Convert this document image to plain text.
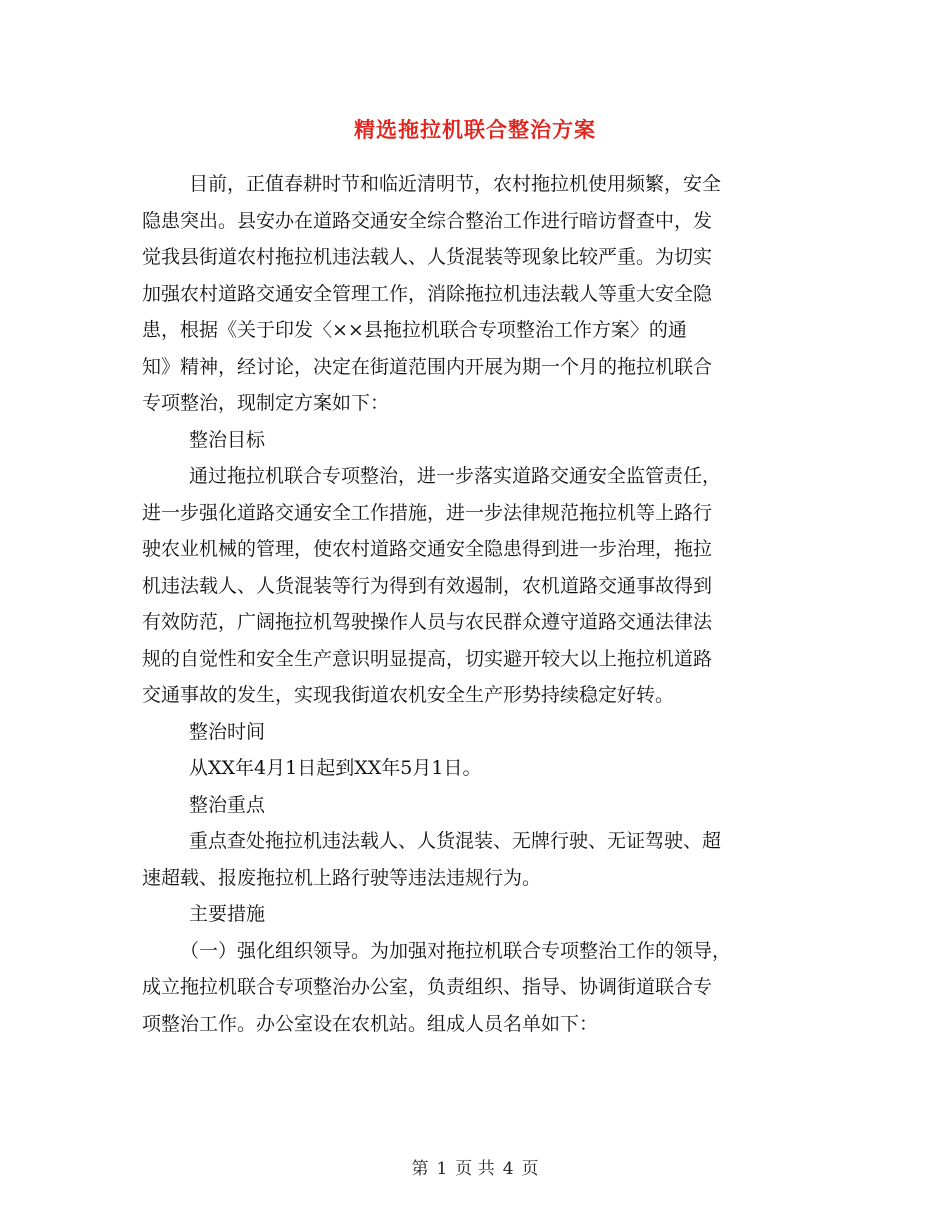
精选拖拉机联合整治方案
目前，正值春耕时节和临近清明节，农村拖拉机使用频繁，安全
隐患突出。县安办在道路交通安全综合整治工作进行暗访督查中，发
觉我县街道农村拖拉机违法载人、人货混装等现象比较严重。为切实
加强农村道路交通安全管理工作，消除拖拉机违法载人等重大安全隐
患，根据《关于印发〈××县拖拉机联合专项整治工作方案〉的通
知》精神，经讨论，决定在街道范围内开展为期一个月的拖拉机联合
专项整治，现制定方案如下：
整治目标
通过拖拉机联合专项整治，进一步落实道路交通安全监管责任，
进一步强化道路交通安全工作措施，进一步法律规范拖拉机等上路行
驶农业机械的管理，使农村道路交通安全隐患得到进一步治理，拖拉
机违法载人、人货混装等行为得到有效遏制，农机道路交通事故得到
有效防范，广阔拖拉机驾驶操作人员与农民群众遵守道路交通法律法
规的自觉性和安全生产意识明显提高，切实避开较大以上拖拉机道路
交通事故的发生，实现我街道农机安全生产形势持续稳定好转。
整治时间
从XX年4月1日起到XX年5月1日。
整治重点
重点查处拖拉机违法载人、人货混装、无牌行驶、无证驾驶、超
速超载、报废拖拉机上路行驶等违法违规行为。
主要措施
（一）强化组织领导。为加强对拖拉机联合专项整治工作的领导，
成立拖拉机联合专项整治办公室，负责组织、指导、协调街道联合专
项整治工作。办公室设在农机站。组成人员名单如下：
第 1 页 共 4 页
